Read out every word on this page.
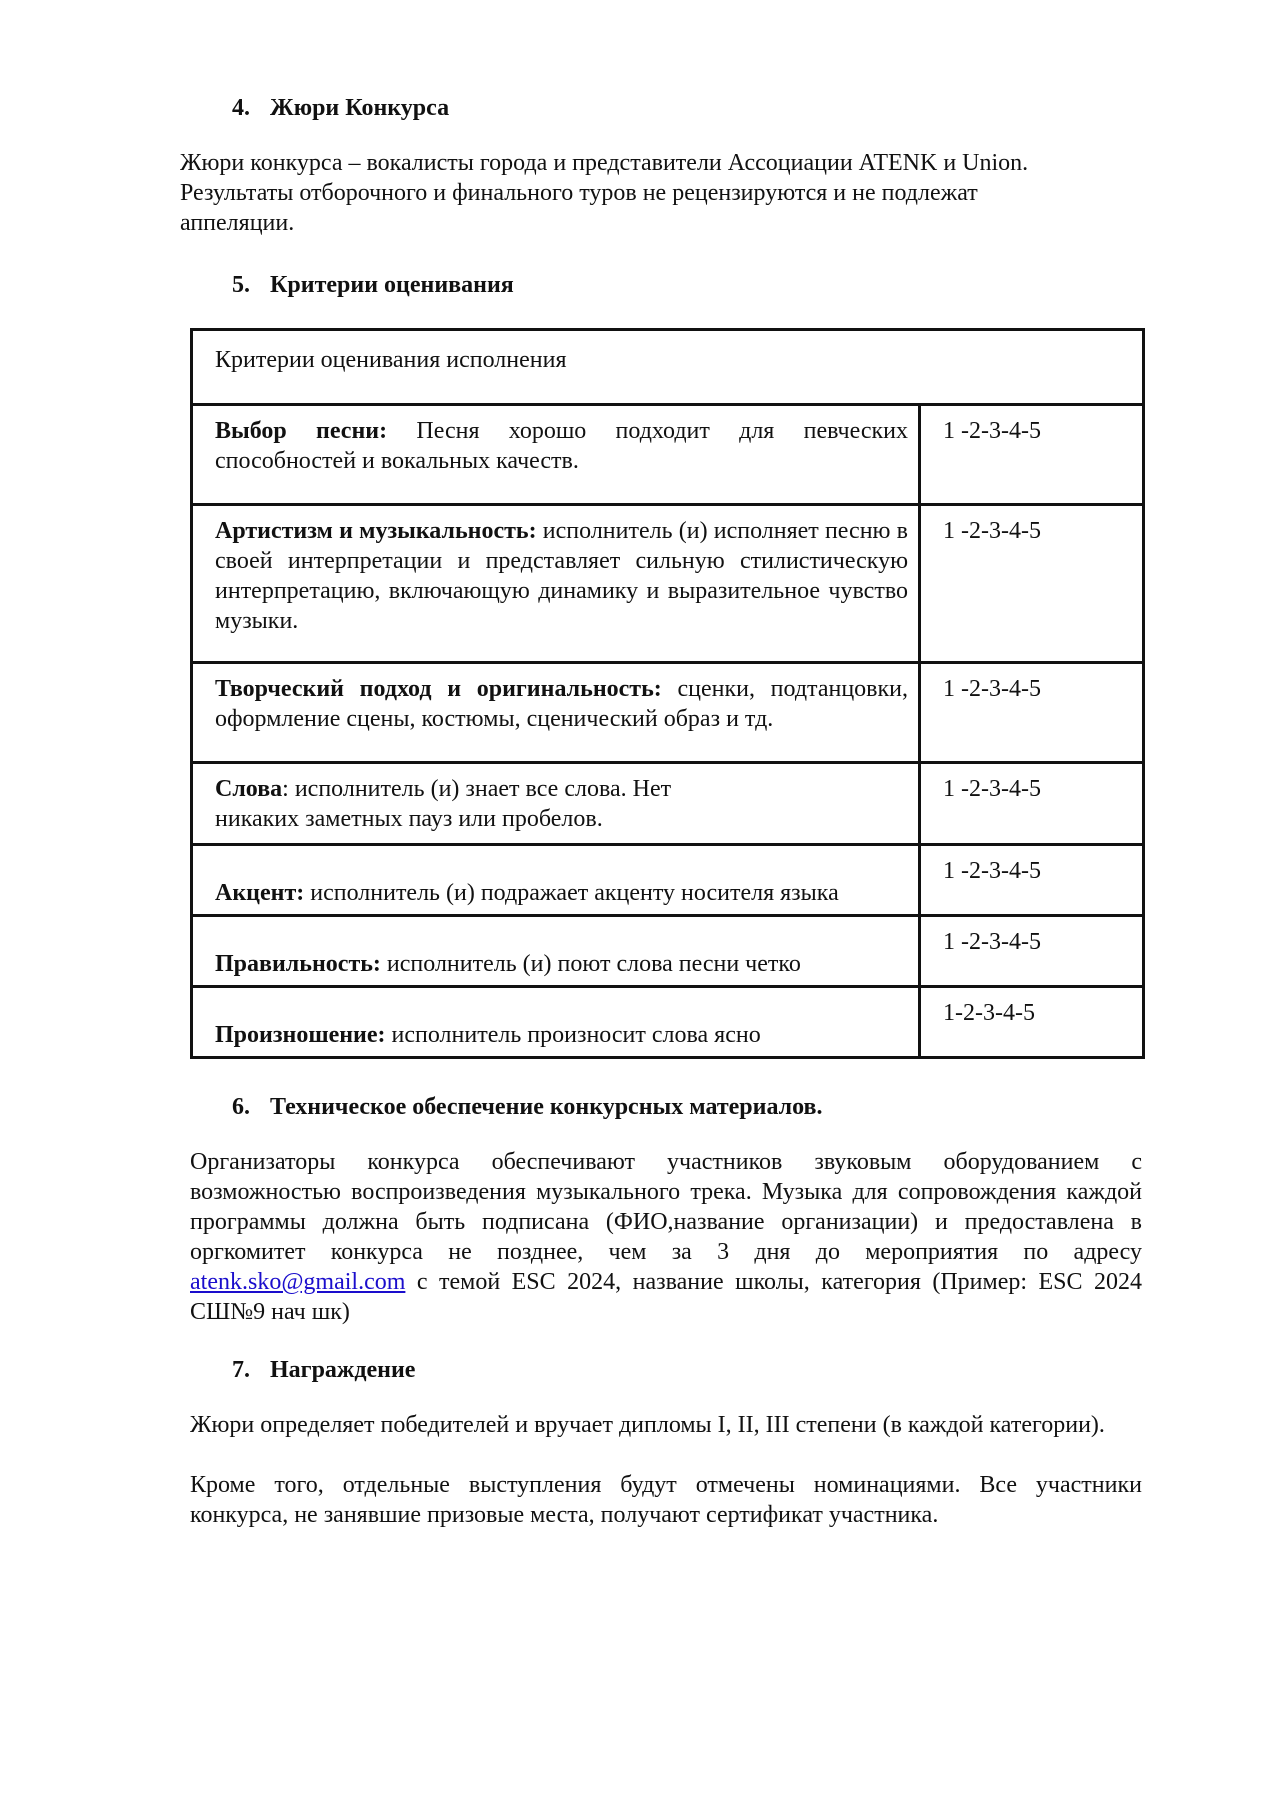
4. Жюри Конкурса

Жюри конкурса – вокалисты города и представители Ассоциации ATENK и Union.

Результаты отборочного и финального туров не рецензируются и не подлежат

аппеляции.

5. Критерии оценивания
Критерии оценивания исполнения	
Выбор песни: Песня хорошо подходит для певческих способностей и вокальных качеств.	1 -2-3-4-5
Артистизм и музыкальность: исполнитель (и) исполняет песню в своей интерпретации и представляет сильную стилистическую интерпретацию, включающую динамику и выразительное чувство музыки.	1 -2-3-4-5
Творческий подход и оригинальность: сценки, подтанцовки, оформление сцены, костюмы, сценический образ и тд.	1 -2-3-4-5
Слова: исполнитель (и) знает все слова. Нет никаких заметных пауз или пробелов.	1 -2-3-4-5
Акцент: исполнитель (и) подражает акценту носителя языка	1 -2-3-4-5
Правильность: исполнитель (и) поют слова песни четко	1 -2-3-4-5
Произношение: исполнитель произносит слова ясно	1-2-3-4-5
6. Техническое обеспечение конкурсных материалов.

Организаторы конкурса обеспечивают участников звуковым оборудованием с возможностью воспроизведения музыкального трека. Музыка для сопровождения каждой программы должна быть подписана (ФИО,название организации) и предоставлена в оргкомитет конкурса не позднее, чем за 3 дня до мероприятия по адресу atenk.sko@gmail.com с темой ESC 2024, название школы, категория (Пример: ESC 2024 СШ№9 нач шк)

7. Награждение

Жюри определяет победителей и вручает дипломы I, II, III степени (в каждой категории).

Кроме того, отдельные выступления будут отмечены номинациями. Все участники конкурса, не занявшие призовые места, получают сертификат участника.
